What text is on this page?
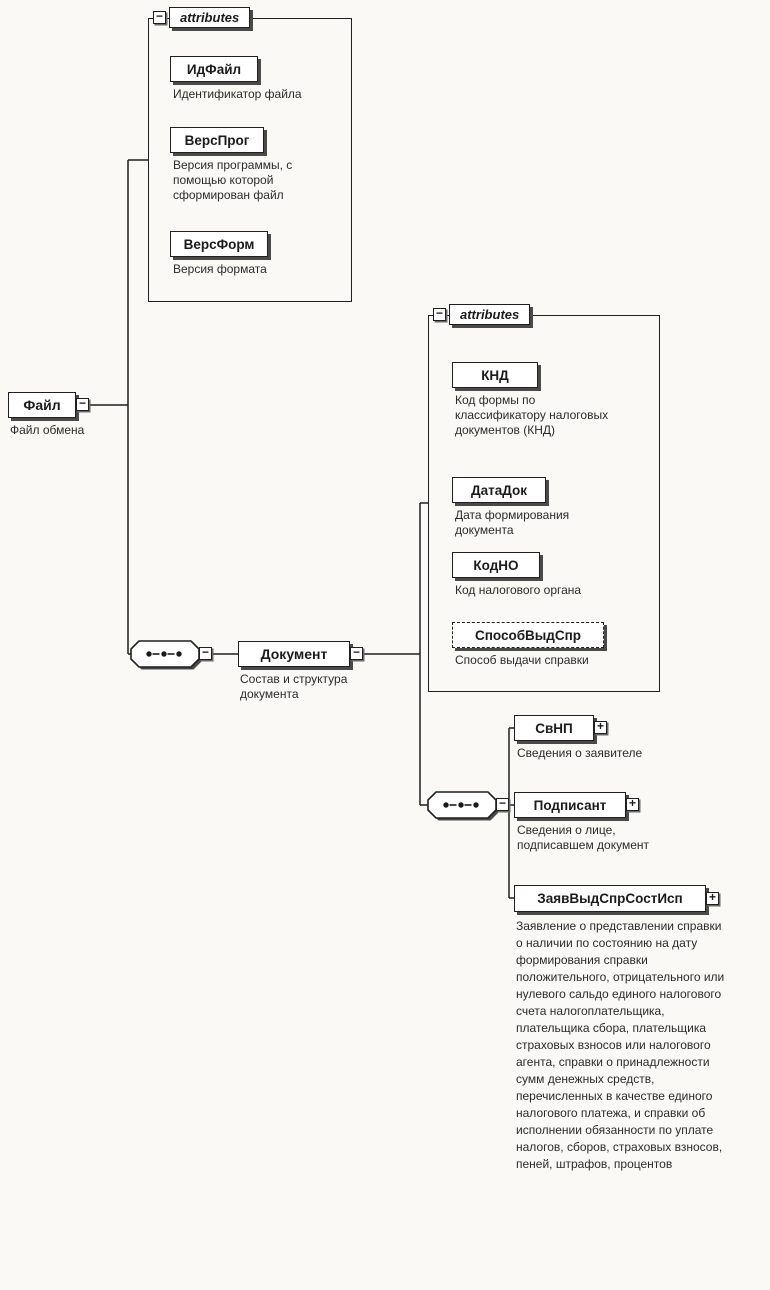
−	attributes
ИдФайл
Идентификатор файла
ВерсПрог
Версия программы, с помощью которой сформирован файл
ВерсФорм
Версия формата
Файл	−
Файл обмена
−	Документ	−
Состав и структура документа
−	attributes
КНД
Код формы по классификатору налоговых документов (КНД)
ДатаДок
Дата формирования документа
КодНО
Код налогового органа
СпособВыдСпр
Способ выдачи справки
−
СвНП	+
Сведения о заявителе
Подписант	+
Сведения о лице, подписавшем документ
ЗаявВыдСпрСостИсп	+
Заявление о представлении справки о наличии по состоянию на дату формирования справки положительного, отрицательного или нулевого сальдо единого налогового счета налогоплательщика, плательщика сбора, плательщика страховых взносов или налогового агента, справки о принадлежности сумм денежных средств, перечисленных в качестве единого налогового платежа, и справки об исполнении обязанности по уплате налогов, сборов, страховых взносов, пеней, штрафов, процентов
